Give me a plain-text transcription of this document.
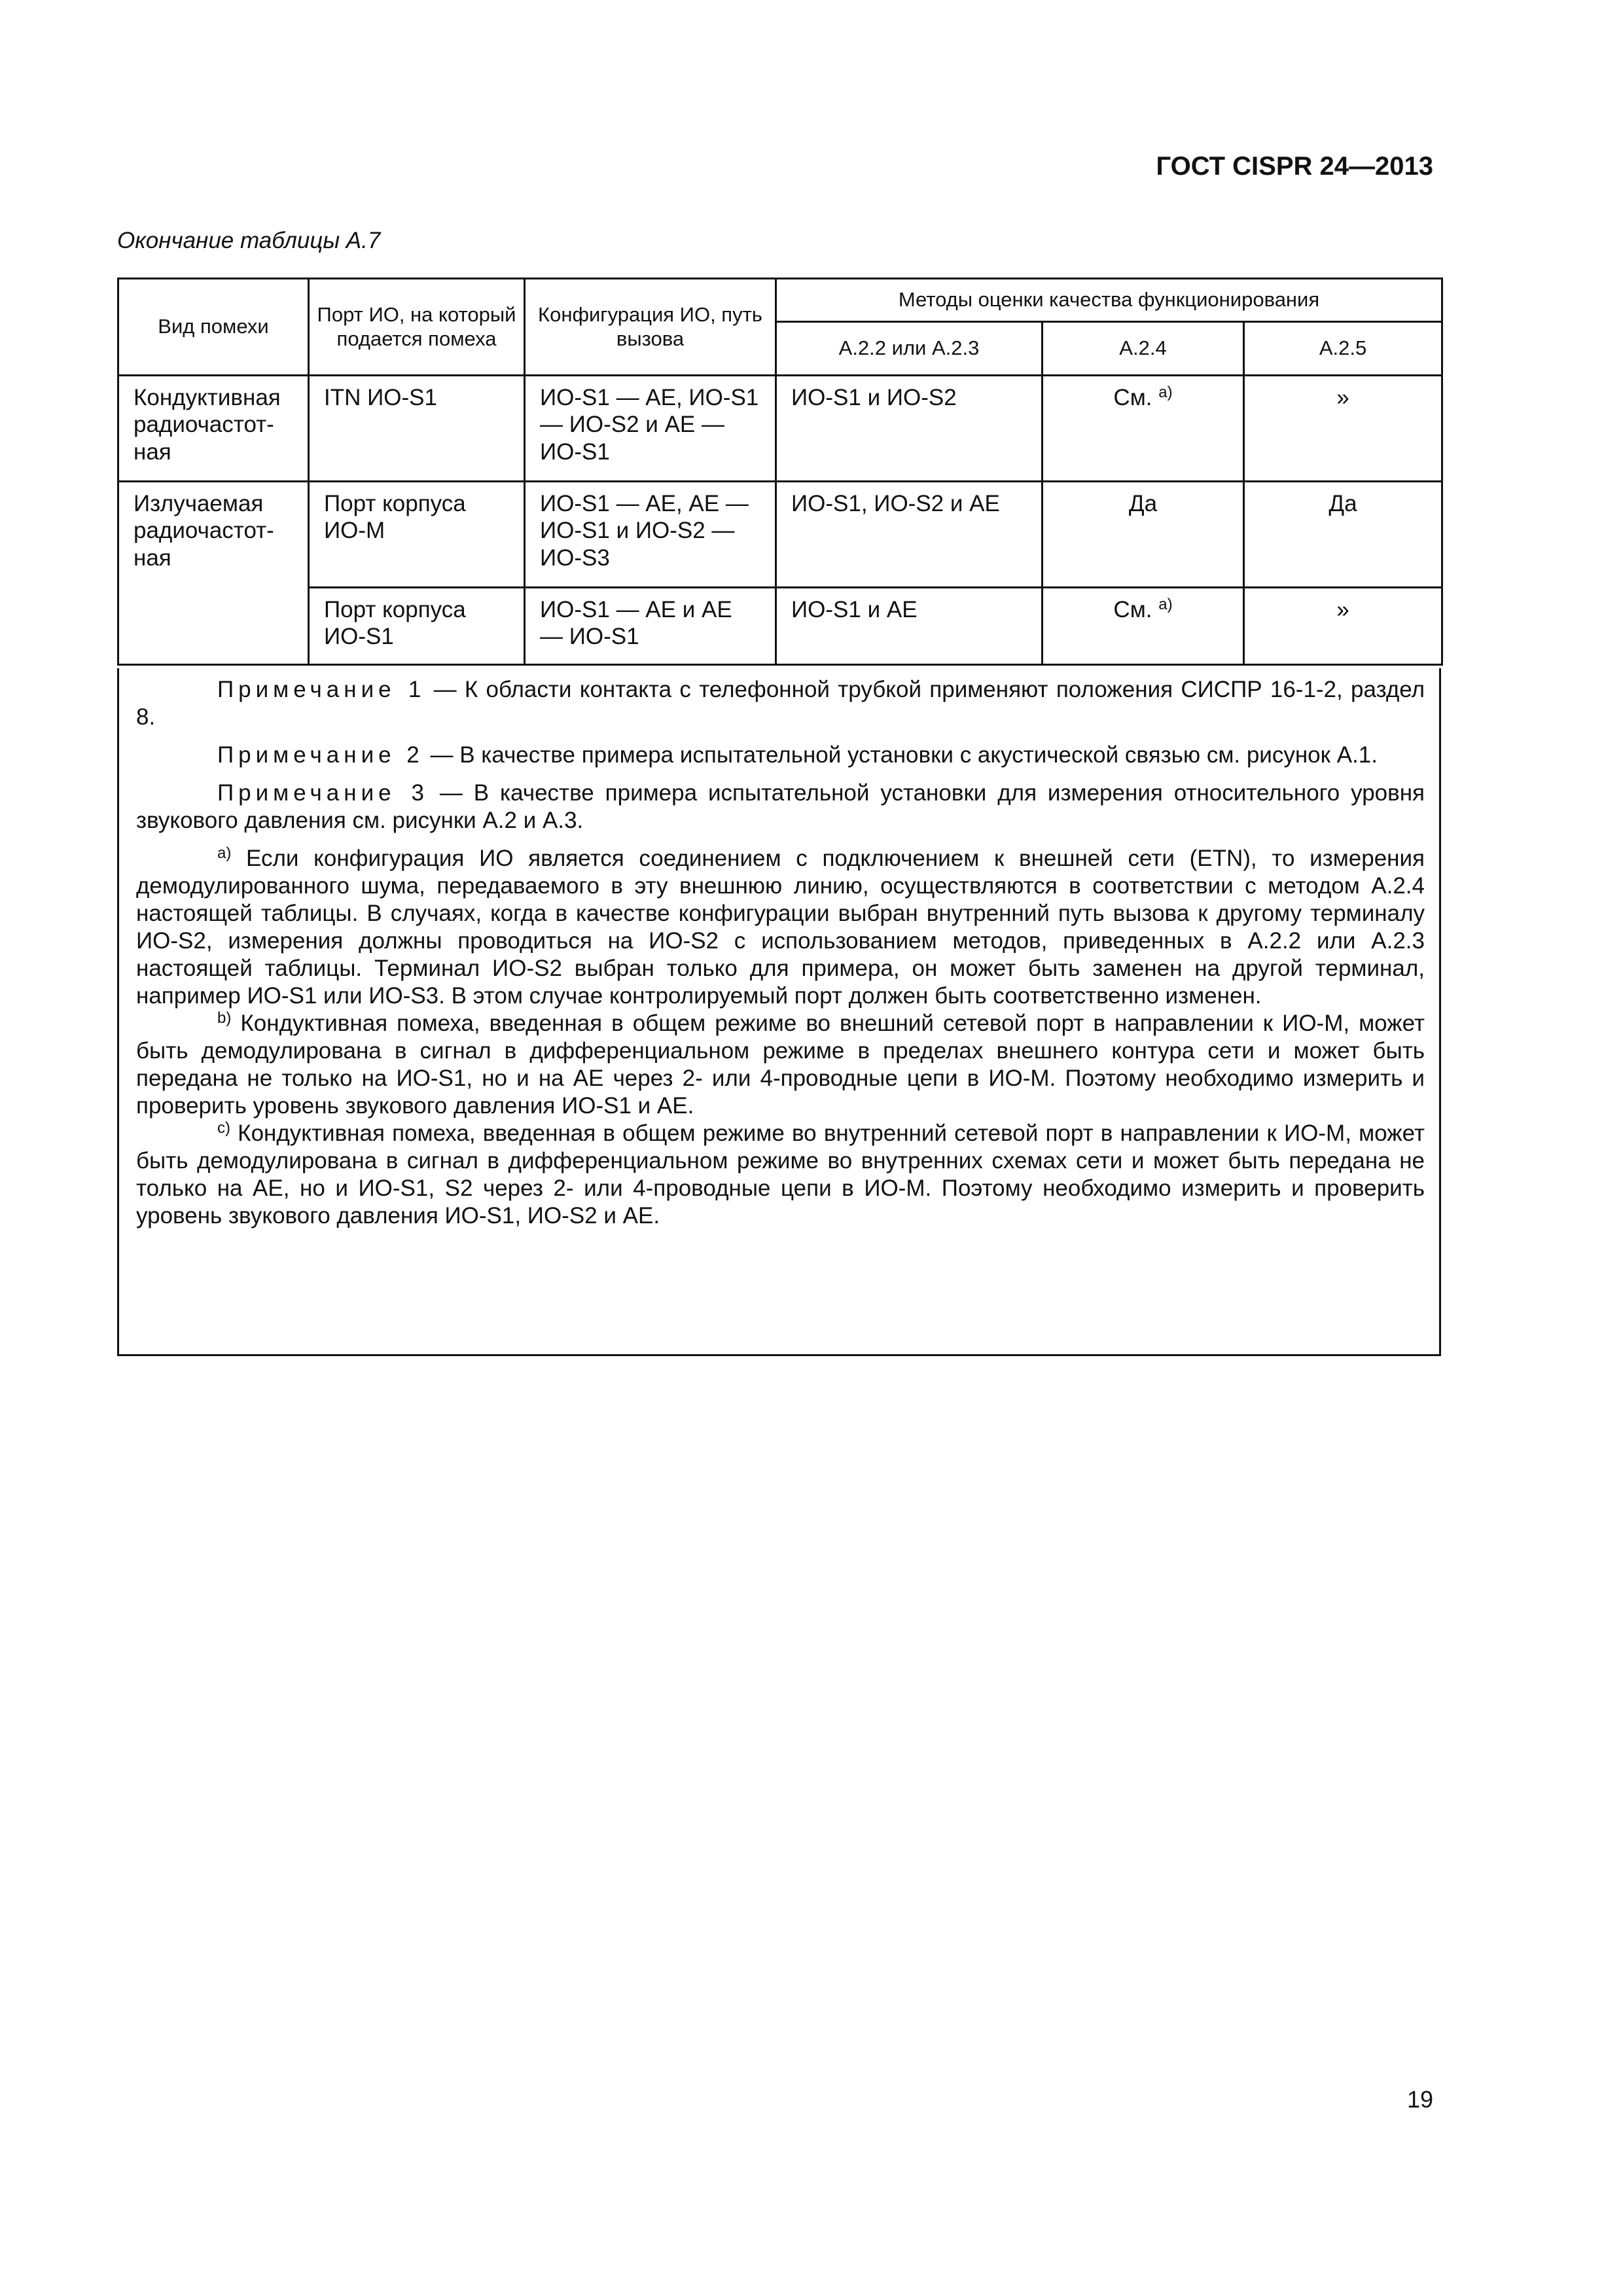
ГОСТ CISPR 24—2013
Окончание таблицы А.7
Вид помехи	Порт ИО, на который подается помеха	Конфигурация ИО, путь вызова	Методы оценки качества функционирования		
			А.2.2 или А.2.3	А.2.4	А.2.5
Кондуктивная радиочастот-ная	ITN ИО-S1	ИО-S1 — АЕ, ИО-S1 — ИО-S2 и АЕ — ИО-S1	ИО-S1 и ИО-S2	См. $^{a)}$	»
Излучаемая радиочастот-ная	Порт корпуса ИО-М	ИО-S1 — АЕ, АЕ — ИО-S1 и ИО-S2 — ИО-S3	ИО-S1, ИО-S2 и АЕ	Да	Да
	Порт корпуса ИО-S1	ИО-S1 — АЕ и АЕ — ИО-S1	ИО-S1 и АЕ	См. $^{a)}$	»

Примечание 1 — К области контакта с телефонной трубкой применяют положения СИСПР 16-1-2, раздел 8.

Примечание 2 — В качестве примера испытательной установки с акустической связью см. рисунок А.1.

Примечание 3 — В качестве примера испытательной установки для измерения относительного уровня звукового давления см. рисунки А.2 и А.3.

$^{a)}$ Если конфигурация ИО является соединением с подключением к внешней сети (ETN), то измерения демодулированного шума, передаваемого в эту внешнюю линию, осуществляются в соответствии с методом А.2.4 настоящей таблицы. В случаях, когда в качестве конфигурации выбран внутренний путь вызова к другому терминалу ИО-S2, измерения должны проводиться на ИО-S2 с использованием методов, приведенных в А.2.2 или А.2.3 настоящей таблицы. Терминал ИО-S2 выбран только для примера, он может быть заменен на другой терминал, например ИО-S1 или ИО-S3. В этом случае контролируемый порт должен быть соответственно изменен.

$^{b)}$ Кондуктивная помеха, введенная в общем режиме во внешний сетевой порт в направлении к ИО-М, может быть демодулирована в сигнал в дифференциальном режиме в пределах внешнего контура сети и может быть передана не только на ИО-S1, но и на АЕ через 2- или 4-проводные цепи в ИО-М. Поэтому необходимо измерить и проверить уровень звукового давления ИО-S1 и АЕ.

$^{c)}$ Кондуктивная помеха, введенная в общем режиме во внутренний сетевой порт в направлении к ИО-М, может быть демодулирована в сигнал в дифференциальном режиме во внутренних схемах сети и может быть передана не только на АЕ, но и ИО-S1, S2 через 2- или 4-проводные цепи в ИО-М. Поэтому необходимо измерить и проверить уровень звукового давления ИО-S1, ИО-S2 и АЕ.

19
